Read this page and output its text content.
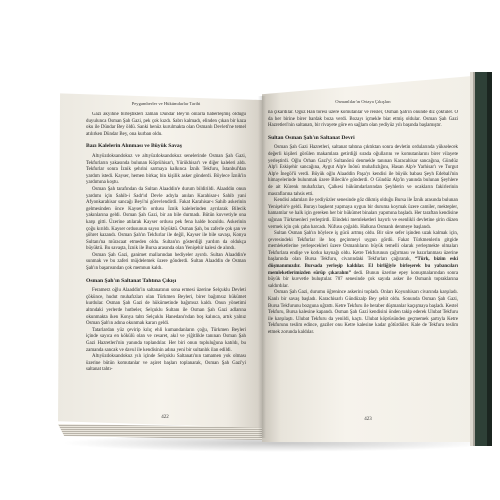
Peygamberler ve Hükümdarlar Tarihi

Gazi akyihne birleştikleri zaman Dündar Bey'in onlarla haberleşmiş olduğu duyulunca Osman Şah Gazi, pek çok kızdı. Sabrı kalmadı, elinden çıkan bir kaza oku ile Dündar Bey öldü. Sanki henüz kurulmakta olan Osmanlı Devleti'ne temel atılırken Dündar Bey, ona kurban oldu.

Bazı Kalelerin Alınması ve Büyük Savaş

Altıyüzdoksandokuz ve altıyüzdoksandokuz senelerinde Osman Şah Gazi, Tekfurların yakasında bulunan Köprühisar'ı, Yürükhisar'ı ve diğer kaleleri aldı. Tekfurlar sonra İznik şehrini sarmaya kalkınca İznik Tekfuru, İstanbul'dan yardım istedi. Kayser, hemen birkaç bin kişilik asker gönderdi. Böylece İznik'in yardımına koştu.

Osman Şah tarafından da Sultan Alaaddin'e durum bildirildi. Alaaddin onun yardımı için Sahib-i Sadr'ıd Devle adıyla anılan Karahisar-ı Sahib yani Afyonkarahisar sancağı Beyi'ni görevlendirdi. Fakat Karahisar-ı Sahib askerinin gelmesinden önce Kayser'in ordusu İznik kalelerinden ayrılarak Bilecik yakınlarına geldi. Osman Şah Gazi, bir an bile durmadı. Bütün kuvvetiyle ona karşı gitti. Üzerine atılarak Kayser ordusu pek fena halde bozuldu. Askerinin çoğu kırıldı. Kayser ordusunun sayısı büyüktü. Osman Şah, bu zaferle çok şan ve şöhret kazandı. Osman Şah'ın Tekfurlar ile değil, Kayser ile bile savaşı, Konya Sultanı'na müracaat etmeden oldu. Sultan'ın gösterdiği yardım da oldukça büyüktü. Bu savaşta, İznik ile Bursa arasında olan Yenişehir kalesi de alındı.

Osman Şah Gazi, ganimet mallarından hediyeler ayırdı. Sultan Alaaddin'e sunmak ve bu zaferi müjdelemek üzere gönderdi. Sultan Alaaddin de Osman Şah'ın başarısından çok memnun kaldı.

Osman Şah'ın Saltanat Tahtına Çıkışı

Feramerz oğlu Alaaddin'in saltanatının sona ermesi üzerine Selçuklu Devleti çökünce, hudut muhafızları olan Türkmen Beyleri, birer bağımsız hükümet kurdular. Osman Şah Gazi de hükümetinde bağımsız kaldı. Onun yönetimi altındaki yerlerde hutbeler, Selçuklu Sultanı ile Osman Şah Gazi adlarına okunmakta iken Konya tahtı Selçuklu Hanedanı'ndan boş kalınca, artık yalnız Osman Şah'ın adına okunmak kararı geldi.

Tatarlardan yüz çevirip kılıç ehli kumandanların çoğu, Türkmen Beyleri içinde sayıca en kökülü olan ve cesaret, akıl ve yiğitlikle tanınan Osman Şah Gazi Hazretleri'nin yanında toplandılar. Her biri onun topluluğuna katıldı, bu zamanda sancak ve davul ile kendisinin adına yeni bir sultanlık ilan edildi.

Altıyüzdoksandokuz yılı içinde Selçuklu Saltanatı'nın tamamen yok olması üzerine bütün komutanlar ve aşiret başları toplanarak, Osman Şah Gazi'yi saltanat tahtı-

422
Osmanlılar'ın Ortaya Çıkışları

na çıkardılar. Oğuz Han töresi üzere komutanlar ve reisler, Osman Şah'ın önünde diz çöktüler. O da her birine birer bardak boza verdi. Bozayı içmekle biat etmiş oldular. Osman Şah Gazi Hazretleri'nin saltanatı, bir rivayete göre en sağlam olan yediyüz yılı başında başlamıştır.

Sultan Osman Şah'ın Saltanat Devri

Osman Şah Gazi Hazretleri, saltanat tahtına çıktıktan sonra devletin ordularında yükselecek değerli kişileri görülen makamlara getirdiği sırada oğullarını ve komutanlarını birer vilayete yerleştirdi. Oğlu Orhan Gazi'yi Sultanönü denmekle tanınan Karacahisar sancağına, Gündüz Alp'i Eskişehir sancağına, Aygut Alp'e İnönü muhafızlığını, Hasan Alp'e Yarhisar'ı ve Turgut Alp'e İnegöl'ü verdi. Büyük oğlu Alaaddin Paşa'yı kendisi ile büyük babası Şeyh Edebali'nin himayelerinde bulunmak üzere Bilecik'e gönderdi. O Gündüz Alp'in yanında bulunan Şeyhlere de ait Kürenk muhafızları, Çalkesi hükümdarlarından Şeyhlerin ve ocakların fakirlerinin masraflarına tahsis etti.

Kendisi adamları ile yediyüzler senesinde göz dikmiş olduğu Bursa ile İznik arasında bulunan Yenişehir'e geldi. Burayı başkent yapmaya uygun bir duruma koymak üzere camiler, mektepler, hamamlar ve halk için gereken her bir hükümet binaları yapımına başladı. Her taraftan kendisine sığınan Türkmenleri yerleştirdi. Elindeki memleketleri hayırlı ve esenlikli devletine şirin düzen vermek için çok çaba harcadı. Nüfusu çoğaldı. Halkına Osmanlı denmeye başlandı.

Sultan Osman Şah'ın böylece iş gücü artmış oldu. Bir süre sefer işinden uzak kalmak için, çevresindeki Tekfurlar ile hoş geçinmeyi uygun gördü. Fakat Türkmenlerin gitgide memleketlerine yerleşecekleri üzere Osmanlıların büyük temelli olarak yerleşmekte olmaları Tekfurlara endişe ve korku kaynağı oldu. Ketre Tekfurunun çağırması ve hazırlanması üzerine başlarında olan Bursa Tekfuru, civarındaki Tekfurları çağırarak, “Türk, bizim eski düşmanımızdır. Bursada yerleşip kaldılar. El birliğiyle birleşerek bu yabancıları memleketlerimizden sürüp çıkaralım” dedi. Bunun üzerine epey konuşmalarından sonra büyük bir kuvvetle buluştular. 707 senesinde çok sayıda asker ile Osmanlı topraklarına saldırdılar.

Osman Şah Gazi, durumu öğrenince askerini topladı. Onları Koyunhisarı civarında karşıladı. Kanlı bir savaş başladı. Karachisarlı Gündüzalp Bey şehit oldu. Sonunda Osman Şah Gazi, Bursa Tekfurunu bozguna uğrattı. Ketre Tekfuru ile beraber düşmanlar kaçışmaya başladı. Kestel Tekfuru, Bursa kalesine kapandı. Osman Şah Gazi kendisini önden takip ederek Ulubat Tekfuru ile karşılaştı. Ulubat Tekfuru da yenildi, kaçtı. Ulubat köprüsünden geçmemek şartıyla Ketre Tekfurunu teslim edince, gaziler onu Ketre kalesine kadar götürdüler. Kale de Tekfuru teslim etmek zorunda kaldılar.

423
